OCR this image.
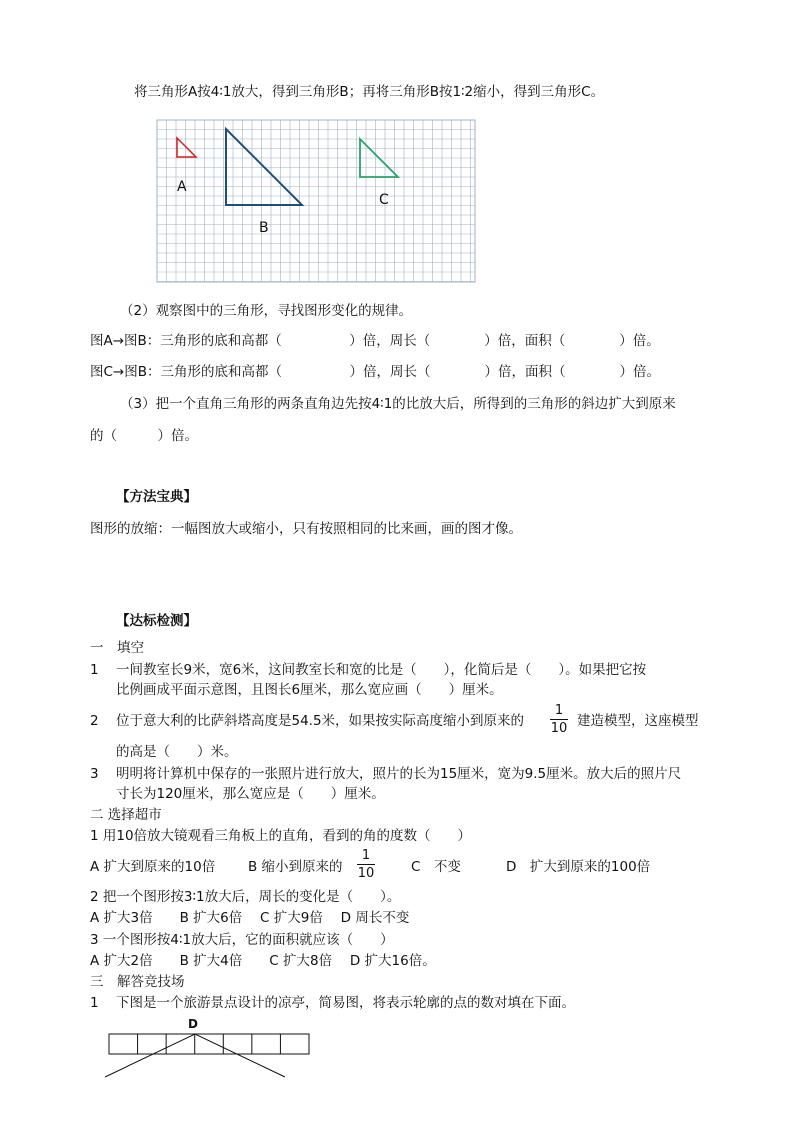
将三角形A按4∶1放大，得到三角形B；再将三角形B按1∶2缩小，得到三角形C。
A
B
C
（2）观察图中的三角形，寻找图形变化的规律。
图A→图B：三角形的底和高都（　　　　　）倍，周长（　　　　）倍，面积（　　　　）倍。
图C→图B：三角形的底和高都（　　　　　）倍，周长（　　　　）倍，面积（　　　　）倍。
（3）把一个直角三角形的两条直角边先按4∶1的比放大后，所得到的三角形的斜边扩大到原来
的（　　　）倍。
【方法宝典】
图形的放缩：一幅图放大或缩小，只有按照相同的比来画，画的图才像。
【达标检测】
一　填空
1 一间教室长9米，宽6米，这间教室长和宽的比是（　　），化简后是（　　）。如果把它按
比例画成平面示意图，且图长6厘米，那么宽应画（　　）厘米。
2 位于意大利的比萨斜塔高度是54.5米，如果按实际高度缩小到原来的
1
10 建造模型，这座模型
的高是（　　）米。
3 明明将计算机中保存的一张照片进行放大，照片的长为15厘米，宽为9.5厘米。放大后的照片尺
寸长为120厘米，那么宽应是（　　）厘米。
二 选择超市
1 用10倍放大镜观看三角板上的直角，看到的角的度数（　　）
A 扩大到原来的10倍 B 缩小到原来的
1
10	C　不变	D　扩大到原来的100倍
2 把一个图形按3∶1放大后，周长的变化是（　　）。
A 扩大3倍　　B 扩大6倍　 C 扩大9倍　 D 周长不变
3 一个图形按4∶1放大后，它的面积就应该（　　）
A 扩大2倍　　B 扩大4倍　　C 扩大8倍　 D 扩大16倍。
三　解答竞技场
1 下图是一个旅游景点设计的凉亭，简易图，将表示轮廓的点的数对填在下面。
D
